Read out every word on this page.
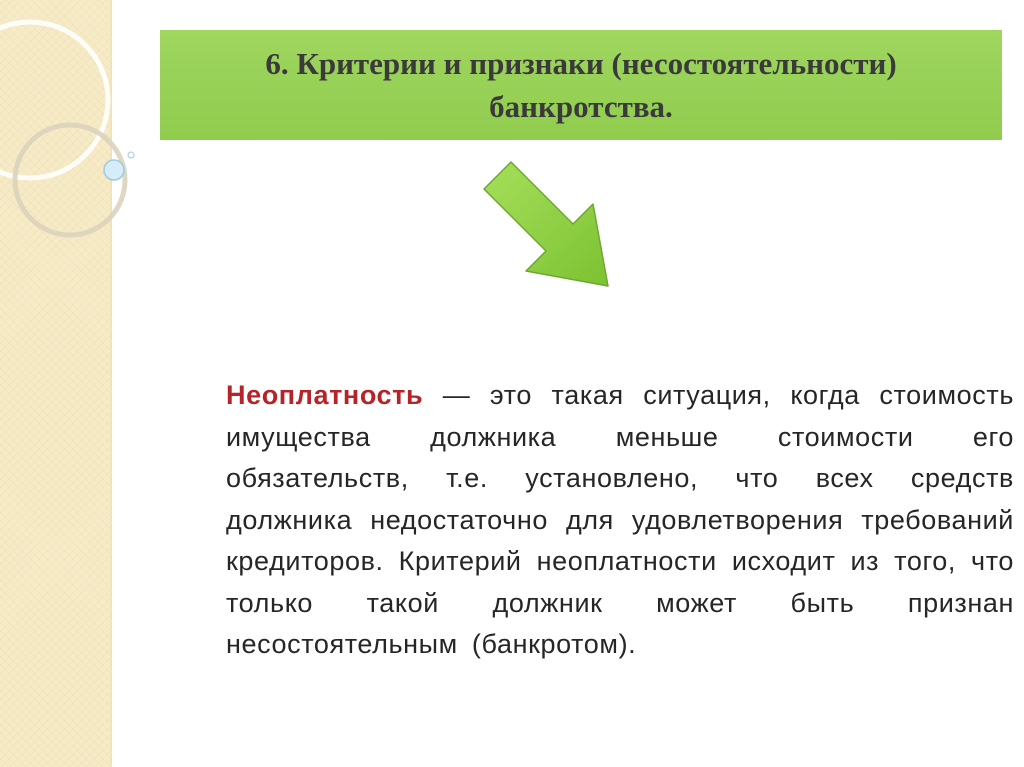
6. Критерии и признаки (несостоятельности) банкротства.

Неоплатность — это такая ситуация, когда стоимость имущества должника меньше стоимости его обязательств, т.е. установлено, что всех средств должника недостаточно для удовлетворения требований кредиторов. Критерий неоплатности исходит из того, что только такой должник может быть признан несостоятельным (банкротом).
